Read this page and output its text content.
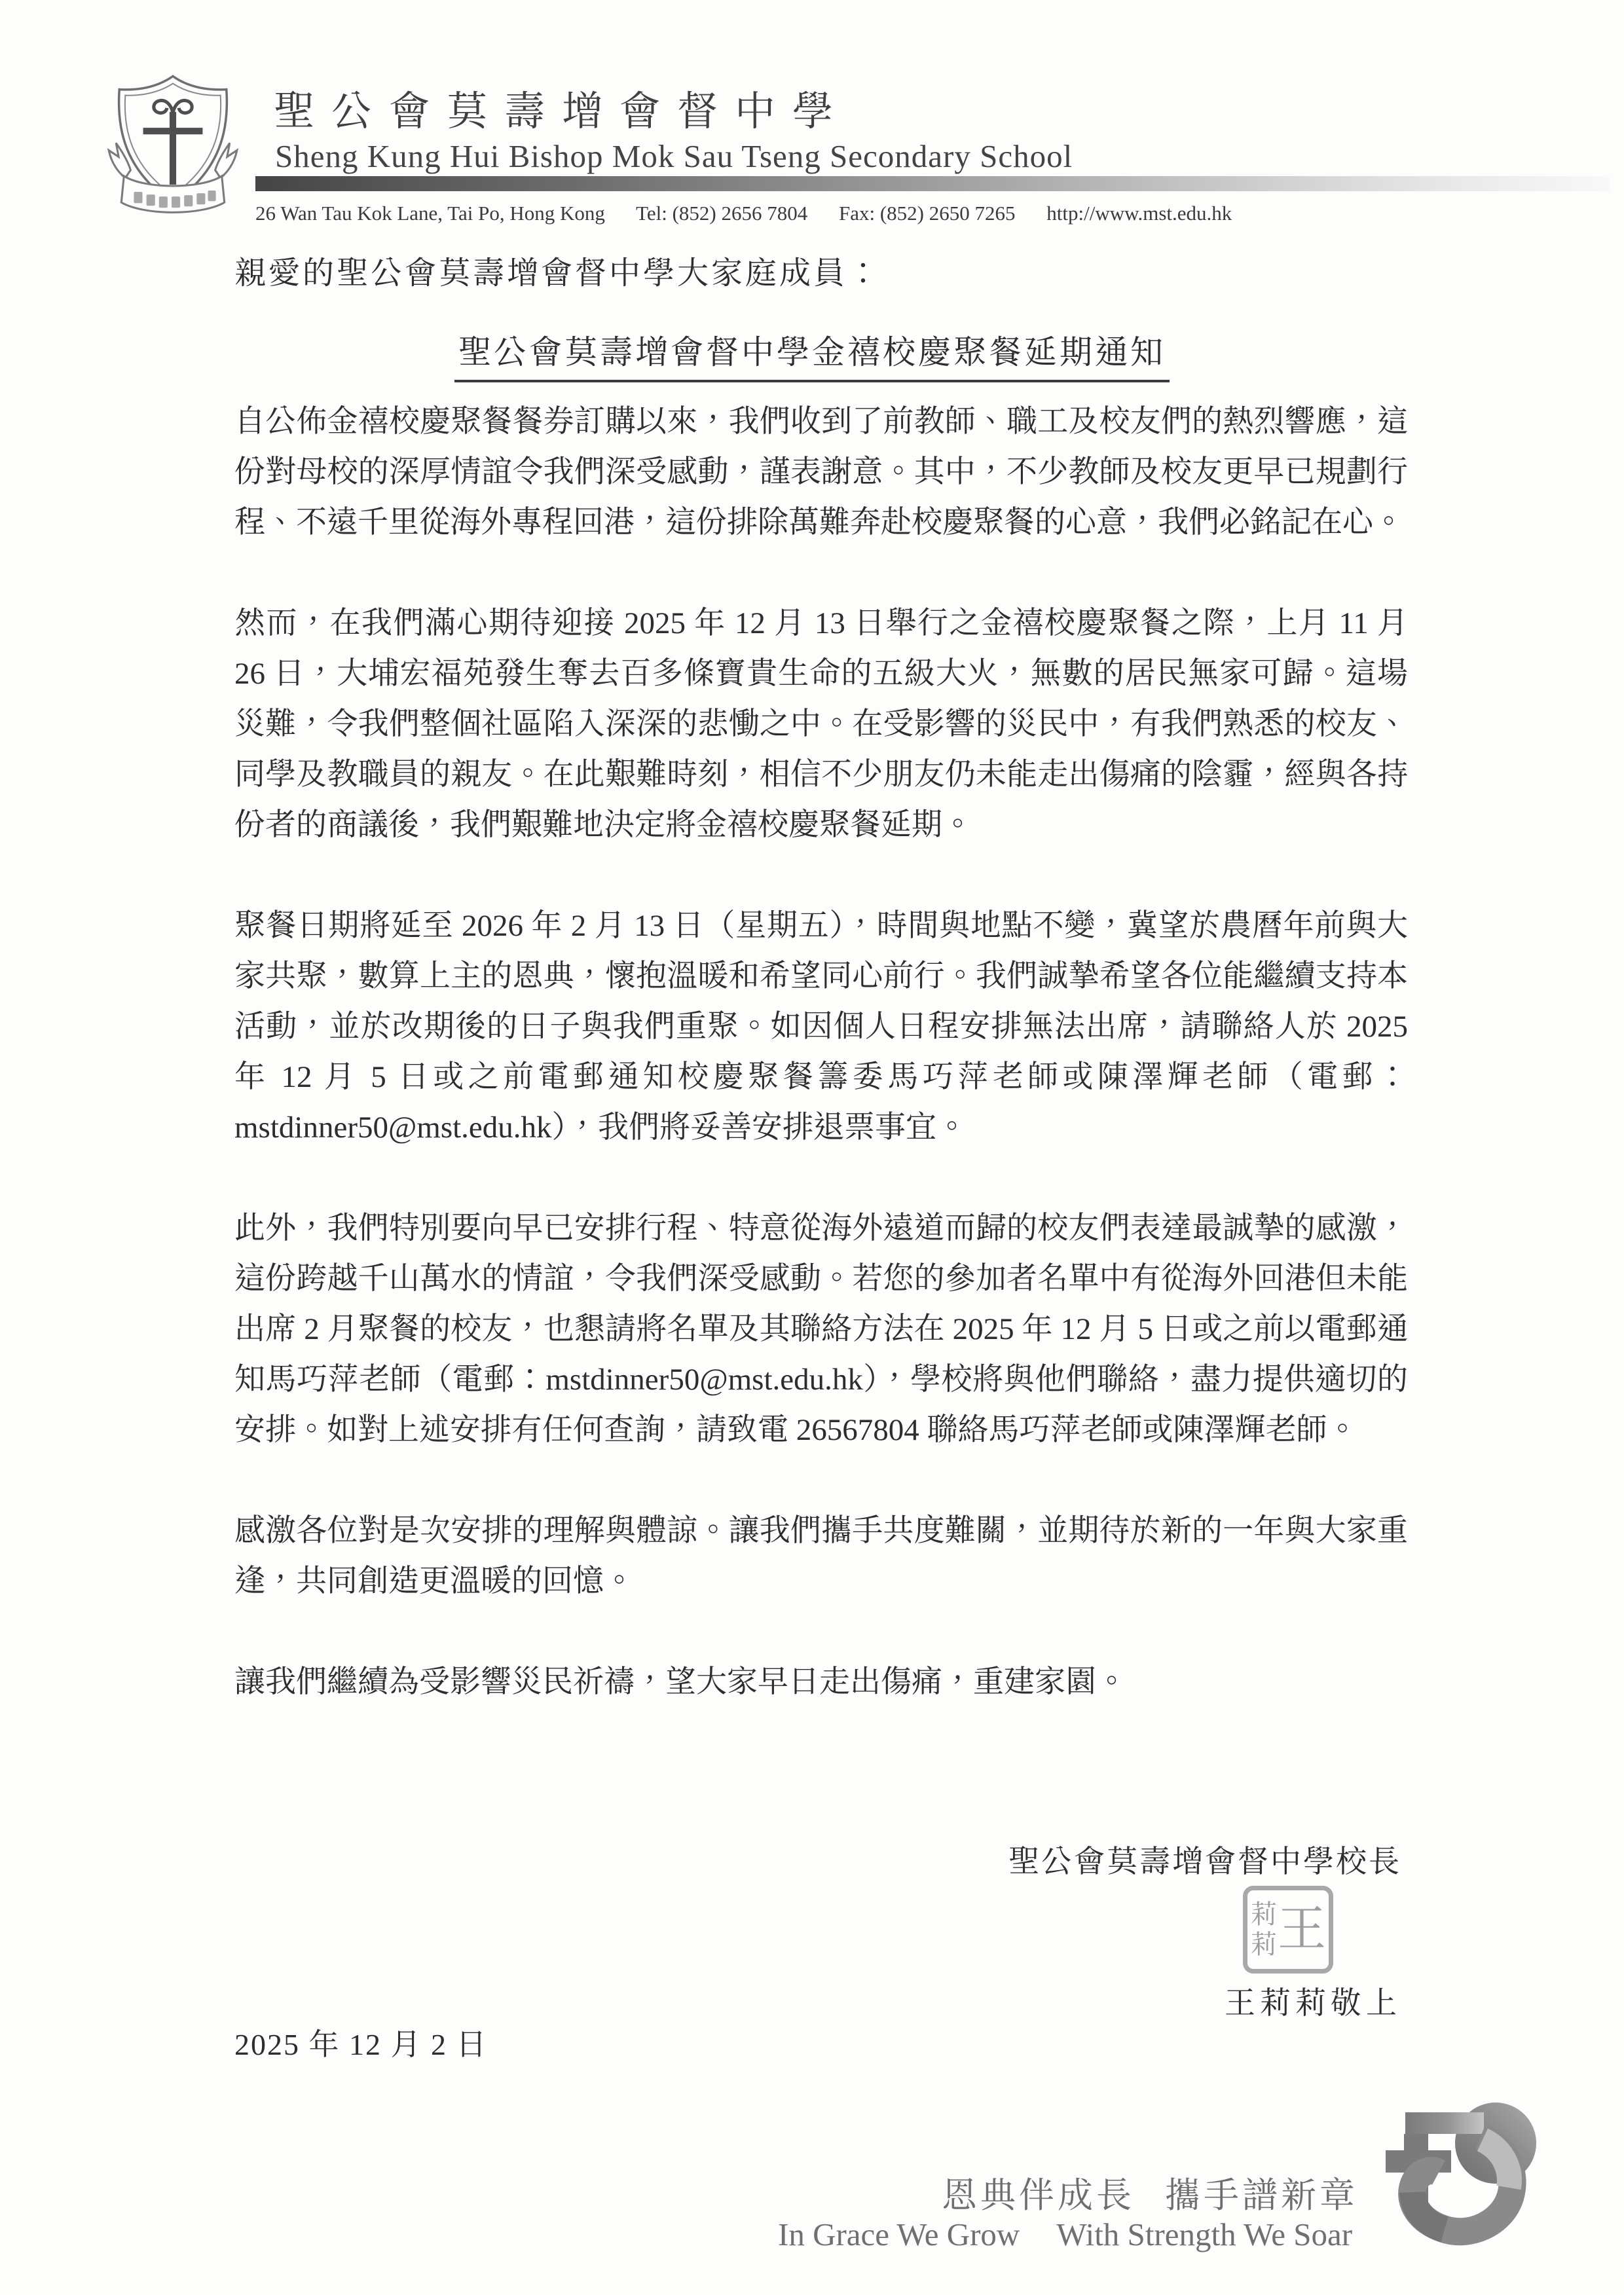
聖公會莫壽增會督中學
Sheng Kung Hui Bishop Mok Sau Tseng Secondary School
26 Wan Tau Kok Lane, Tai Po, Hong Kong Tel: (852) 2656 7804 Fax: (852) 2650 7265 http://www.mst.edu.hk
親愛的聖公會莫壽增會督中學大家庭成員：
聖公會莫壽增會督中學金禧校慶聚餐延期通知

自公佈金禧校慶聚餐餐券訂購以來，我們收到了前教師、職工及校友們的熱烈響應，這份對母校的深厚情誼令我們深受感動，謹表謝意。其中，不少教師及校友更早已規劃行程、不遠千里從海外專程回港，這份排除萬難奔赴校慶聚餐的心意，我們必銘記在心。

然而，在我們滿心期待迎接 2025 年 12 月 13 日舉行之金禧校慶聚餐之際，上月 11 月 26 日，大埔宏福苑發生奪去百多條寶貴生命的五級大火，無數的居民無家可歸。這場災難，令我們整個社區陷入深深的悲慟之中。在受影響的災民中，有我們熟悉的校友、同學及教職員的親友。在此艱難時刻，相信不少朋友仍未能走出傷痛的陰霾，經與各持份者的商議後，我們艱難地決定將金禧校慶聚餐延期。

聚餐日期將延至 2026 年 2 月 13 日（星期五），時間與地點不變，冀望於農曆年前與大家共聚，數算上主的恩典，懷抱溫暖和希望同心前行。我們誠摯希望各位能繼續支持本活動，並於改期後的日子與我們重聚。如因個人日程安排無法出席，請聯絡人於 2025 年 12 月 5 日或之前電郵通知校慶聚餐籌委馬巧萍老師或陳澤輝老師（電郵：mstdinner50@mst.edu.hk），我們將妥善安排退票事宜。

此外，我們特別要向早已安排行程、特意從海外遠道而歸的校友們表達最誠摯的感激，這份跨越千山萬水的情誼，令我們深受感動。若您的參加者名單中有從海外回港但未能出席 2 月聚餐的校友，也懇請將名單及其聯絡方法在 2025 年 12 月 5 日或之前以電郵通知馬巧萍老師（電郵：mstdinner50@mst.edu.hk），學校將與他們聯絡，盡力提供適切的安排。如對上述安排有任何查詢，請致電 26567804 聯絡馬巧萍老師或陳澤輝老師。

感激各位對是次安排的理解與體諒。讓我們攜手共度難關，並期待於新的一年與大家重逢，共同創造更溫暖的回憶。

讓我們繼續為受影響災民祈禱，望大家早日走出傷痛，重建家園。

聖公會莫壽增會督中學校長
莉莉 王
王莉莉敬上
2025 年 12 月 2 日
恩典伴成長 攜手譜新章
In Grace We Grow With Strength We Soar
